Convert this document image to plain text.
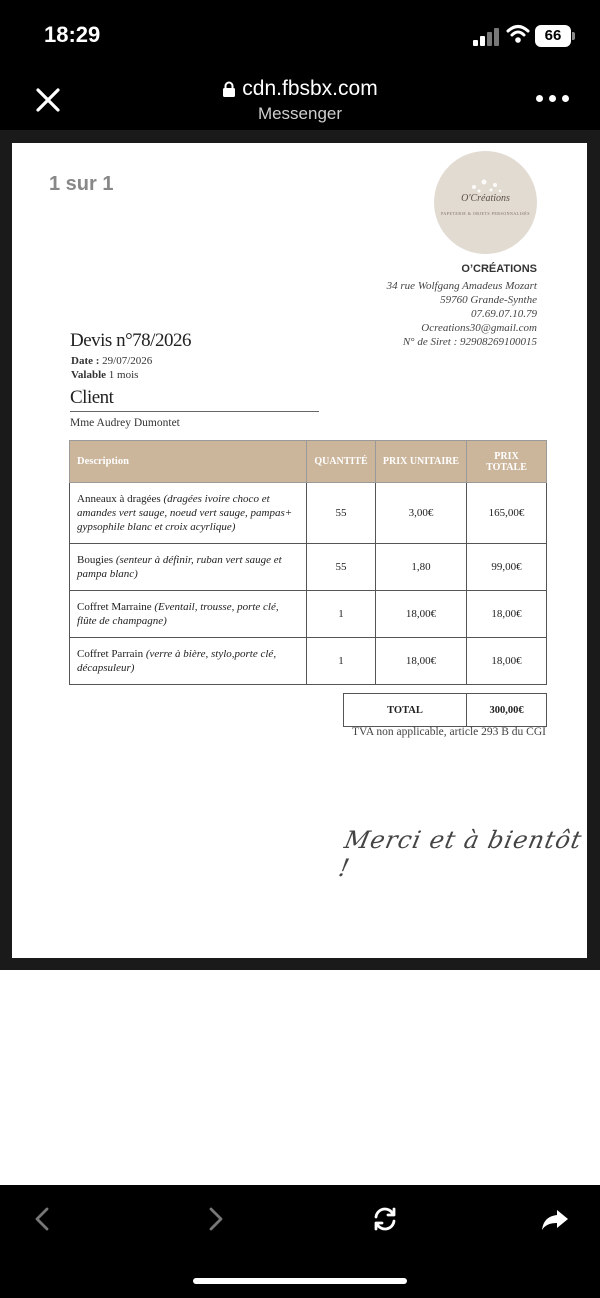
18:29	66
cdn.fbsbx.com
Messenger
1 sur 1
O'Créations
PAPETERIE & OBJETS PERSONNALISÉS
O’CRÉATIONS
34 rue Wolfgang Amadeus Mozart
59760 Grande-Synthe
07.69.07.10.79
Ocreations30@gmail.com
N° de Siret : 92908269100015
Devis n°78/2026
Date : 29/07/2026
Valable 1 mois
Client
Mme Audrey Dumontet
Description	QUANTITÉ	PRIX UNITAIRE	PRIX TOTALE
Anneaux à dragées (dragées ivoire choco et amandes vert sauge, noeud vert sauge, pampas+ gypsophile blanc et croix acyrlique)	55	3,00€	165,00€
Bougies (senteur à définir, ruban vert sauge et pampa blanc)	55	1,80	99,00€
Coffret Marraine (Eventail, trousse, porte clé, flûte de champagne)	1	18,00€	18,00€
Coffret Parrain (verre à bière, stylo,porte clé, décapsuleur)	1	18,00€	18,00€
TOTAL	300,00€
TVA non applicable, article 293 B du CGI
Merci et à bientôt !
